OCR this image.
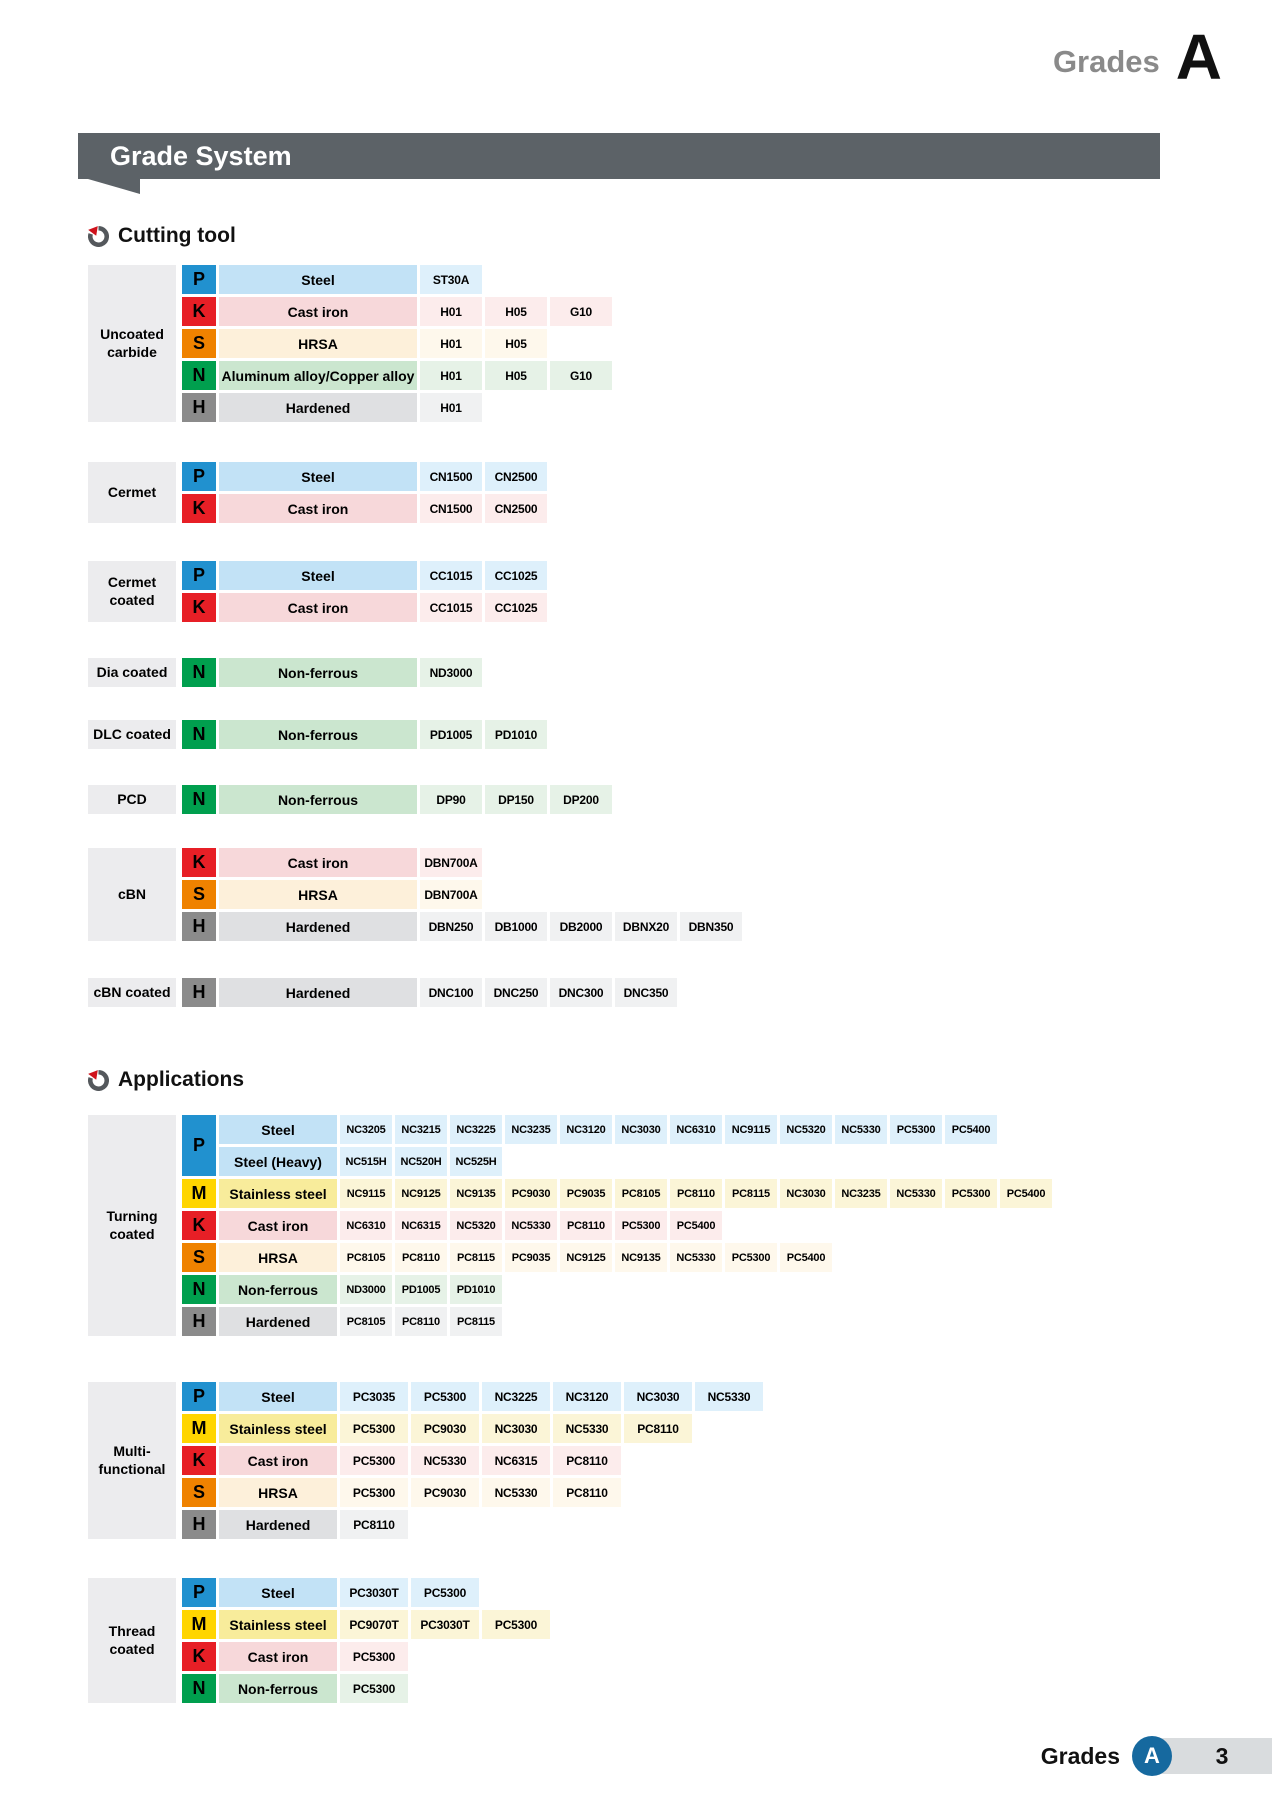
Grades A
Grade System
Cutting tool
Applications
Uncoated carbide
P	Steel	ST30A
K	Cast iron	H01	H05	G10
S	HRSA	H01	H05
N	Aluminum alloy/Copper alloy	H01	H05	G10
H	Hardened	H01
Cermet
P	Steel	CN1500	CN2500
K	Cast iron	CN1500	CN2500
Cermet coated
P	Steel	CC1015	CC1025
K	Cast iron	CC1015	CC1025
Dia coated	N	Non-ferrous	ND3000
DLC coated	N	Non-ferrous	PD1005	PD1010
PCD	N	Non-ferrous	DP90	DP150	DP200
cBN
K	Cast iron	DBN700A
S	HRSA	DBN700A
H	Hardened	DBN250	DB1000	DB2000	DBNX20	DBN350
cBN coated	H	Hardened	DNC100	DNC250	DNC300	DNC350
Turning coated
P
Steel	NC3205	NC3215	NC3225	NC3235	NC3120	NC3030	NC6310	NC9115	NC5320	NC5330	PC5300	PC5400
Steel (Heavy)	NC515H	NC520H	NC525H
M	Stainless steel	NC9115	NC9125	NC9135	PC9030	PC9035	PC8105	PC8110	PC8115	NC3030	NC3235	NC5330	PC5300	PC5400
K	Cast iron	NC6310	NC6315	NC5320	NC5330	PC8110	PC5300	PC5400
S	HRSA	PC8105	PC8110	PC8115	PC9035	NC9125	NC9135	NC5330	PC5300	PC5400
N	Non-ferrous	ND3000	PD1005	PD1010
H	Hardened	PC8105	PC8110	PC8115
Multi-functional
P	Steel	PC3035	PC5300	NC3225	NC3120	NC3030	NC5330
M	Stainless steel	PC5300	PC9030	NC3030	NC5330	PC8110
K	Cast iron	PC5300	NC5330	NC6315	PC8110
S	HRSA	PC5300	PC9030	NC5330	PC8110
H	Hardened	PC8110
Thread coated
P	Steel	PC3030T	PC5300
M	Stainless steel	PC9070T	PC3030T	PC5300
K	Cast iron	PC5300
N	Non-ferrous	PC5300
Grades	A	3
